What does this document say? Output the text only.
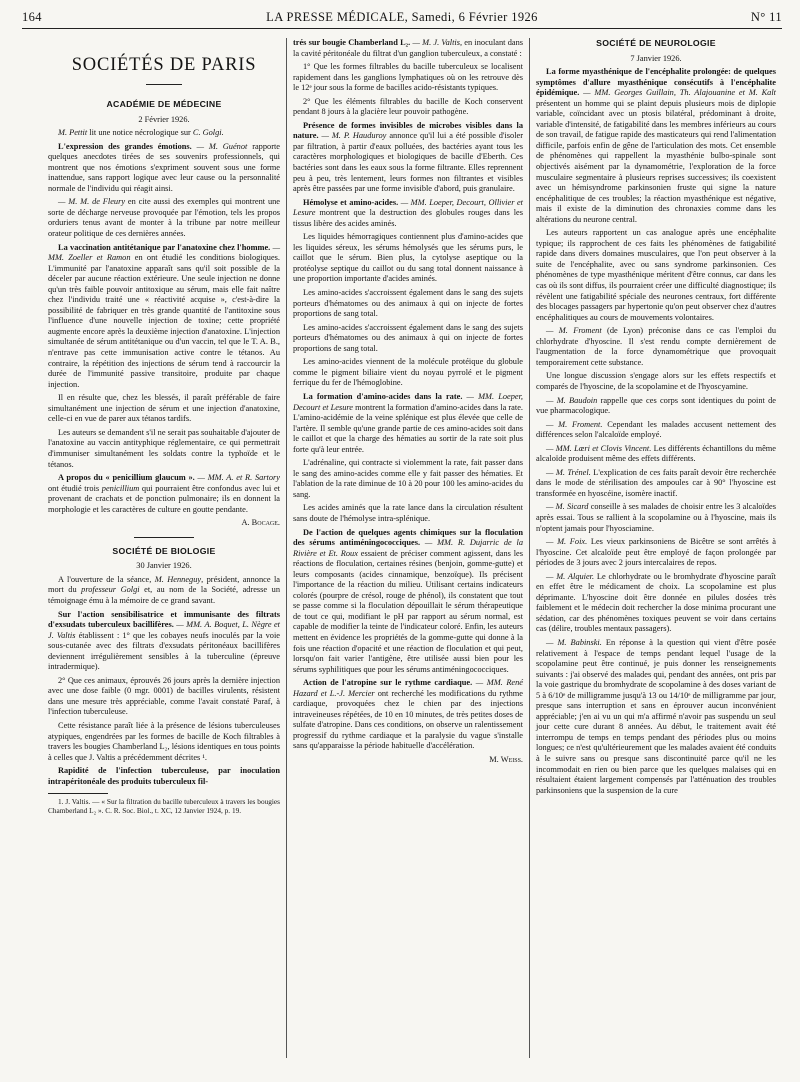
164	LA PRESSE MÉDICALE, Samedi, 6 Février 1926	N° 11
SOCIÉTÉS DE PARIS
ACADÉMIE DE MÉDECINE

2 Février 1926.

M. Pettit lit une notice nécrologique sur C. Golgi.

L'expression des grandes émotions. — M. Guénot rapporte quelques anecdotes tirées de ses souvenirs professionnels, qui montrent que nos émotions s'expriment souvent sous une forme inattendue, sans rapport logique avec leur cause ou la personnalité normale de l'individu qui réagit ainsi.

— M. M. de Fleury en cite aussi des exemples qui montrent une sorte de décharge nerveuse provoquée par l'émotion, tels les propos orduriers tenus avant de monter à la tribune par notre meilleur orateur politique de ces dernières années.

La vaccination antitétanique par l'anatoxine chez l'homme. — MM. Zoeller et Ramon en ont étudié les conditions biologiques. L'immunité par l'anatoxine apparaît sans qu'il soit possible de la déceler par aucune réaction extérieure. Une seule injection ne donne qu'un très faible pouvoir antitoxique au sérum, mais elle fait naître chez l'individu traité une « réactivité acquise », c'est-à-dire la possibilité de fabriquer en très grande quantité de l'antitoxine sous l'influence d'une nouvelle injection de toxine; cette propriété augmente encore après la deuxième injection d'anatoxine. L'injection simultanée de sérum antitétanique ou d'un vaccin, tel que le T. A. B., n'entrave pas cette immunisation active contre le tétanos. Au contraire, la répétition des injections de sérum tend à raccourcir la durée de l'immunité passive transitoire, produite par chaque injection.

Il en résulte que, chez les blessés, il paraît préférable de faire simultanément une injection de sérum et une injection d'anatoxine, celle-ci en vue de parer aux tétanos tardifs.

Les auteurs se demandent s'il ne serait pas souhaitable d'ajouter de l'anatoxine au vaccin antityphique réglementaire, ce qui permettrait d'immuniser simultanément les soldats contre la typhoïde et le tétanos.

A propos du « penicillium glaucum ». — MM. A. et R. Sartory ont étudié trois penicillium qui pourraient être confondus avec lui et provenant de crachats et de ponction pulmonaire; ils en donnent la morphologie et les caractères de culture en goutte pendante.

A. Bocage.

SOCIÉTÉ DE BIOLOGIE

30 Janvier 1926.

A l'ouverture de la séance, M. Henneguy, président, annonce la mort du professeur Golgi et, au nom de la Société, adresse un témoignage ému à la mémoire de ce grand savant.

Sur l'action sensibilisatrice et immunisante des filtrats d'exsudats tuberculeux bacillifères. — MM. A. Boquet, L. Nègre et J. Valtis établissent : 1° que les cobayes neufs inoculés par la voie sous-cutanée avec des filtrats d'exsudats péritonéaux bacillifères deviennent irrégulièrement sensibles à la tuberculine (épreuve intradermique).

2° Que ces animaux, éprouvés 26 jours après la dernière injection avec une dose faible (0 mgr. 0001) de bacilles virulents, résistent dans une mesure très appréciable, comme l'avait constaté Paraf, à l'infection tuberculeuse.

Cette résistance paraît liée à la présence de lésions tuberculeuses atypiques, engendrées par les formes de bacille de Koch filtrables à travers les bougies Chamberland L₂, lésions identiques en tous points à celles que J. Valtis a précédemment décrites ¹.

Rapidité de l'infection tuberculeuse, par inoculation intrapéritonéale des produits tuberculeux fil-

1. J. Valtis. — « Sur la filtration du bacille tuberculeux à travers les bougies Chamberland L₂ ». C. R. Soc. Biol., t. XC, 12 Janvier 1924, p. 19.

trés sur bougie Chamberland L₂. — M. J. Valtis, en inoculant dans la cavité péritonéale du filtrat d'un ganglion tuberculeux, a constaté :

1° Que les formes filtrables du bacille tuberculeux se localisent rapidement dans les ganglions lymphatiques où on les retrouve dès le 12ᵉ jour sous la forme de bacilles acido-résistants typiques.

2° Que les éléments filtrables du bacille de Koch conservent pendant 8 jours à la glacière leur pouvoir pathogène.

Présence de formes invisibles de microbes visibles dans la nature. — M. P. Hauduroy annonce qu'il lui a été possible d'isoler par filtration, à partir d'eaux polluées, des bactéries ayant tous les caractères morphologiques et biologiques de bacille d'Eberth. Ces bactéries sont dans les eaux sous la forme filtrante. Elles reprennent peu à peu, très lentement, leurs formes non filtrantes et visibles après être passées par une forme invisible d'abord, puis granulaire.

Hémolyse et amino-acides. — MM. Loeper, Decourt, Ollivier et Lesure montrent que la destruction des globules rouges dans les tissus libère des acides aminés.

Les liquides hémorragiques contiennent plus d'amino-acides que les liquides séreux, les sérums hémolysés que les sérums purs, le caillot que le sérum. Bien plus, la cytolyse aseptique ou la protéolyse septique du caillot ou du sang total donnent naissance à une proportion importante d'acides aminés.

Les amino-acides s'accroissent également dans le sang des sujets porteurs d'hématomes ou des animaux à qui on injecte de fortes proportions de sang total.

Les amino-acides s'accroissent également dans le sang des sujets porteurs d'hématomes ou des animaux à qui on injecte de fortes proportions de sang total.

Les amino-acides viennent de la molécule protéique du globule comme le pigment biliaire vient du noyau pyrrolé et le pigment ferrique du fer de l'hémoglobine.

La formation d'amino-acides dans la rate. — MM. Loeper, Decourt et Lesure montrent la formation d'amino-acides dans la rate. L'amino-acidémie de la veine splénique est plus élevée que celle de l'artère. Il semble qu'une grande partie de ces amino-acides soit dans le caillot et que la charge des hématies au sortir de la rate soit plus forte qu'à leur entrée.

L'adrénaline, qui contracte si violemment la rate, fait passer dans le sang des amino-acides comme elle y fait passer des hématies. Et l'ablation de la rate diminue de 10 à 20 pour 100 les amino-acides du sang.

Les acides aminés que la rate lance dans la circulation résultent sans doute de l'hémolyse intra-splénique.

De l'action de quelques agents chimiques sur la floculation des sérums antiméningococciques. — MM. R. Dujarric de la Rivière et Et. Roux essaient de préciser comment agissent, dans les réactions de floculation, certaines résines (benjoin, gomme-gutte) et leurs composants (acides cinnamique, benzoïque). Ils précisent l'importance de la réaction du milieu. Utilisant certains indicateurs colorés (pourpre de crésol, rouge de phénol), ils constatent que tout se passe comme si la floculation dépouillait le sérum thérapeutique de tout ce qui, modifiant le pH par rapport au sérum normal, est capable de modifier la teinte de l'indicateur coloré. Enfin, les auteurs mettent en évidence les propriétés de la gomme-gutte qui donne à la fois une réaction d'opacité et une réaction de floculation et qui peut, lorsqu'on fait varier l'antigène, être utilisée aussi bien pour les sérums syphilitiques que pour les sérums antiméningococciques.

Action de l'atropine sur le rythme cardiaque. — MM. René Hazard et L.-J. Mercier ont recherché les modifications du rythme cardiaque, provoquées chez le chien par des injections intraveineuses répétées, de 10 en 10 minutes, de très petites doses de sulfate d'atropine. Dans ces conditions, on observe un ralentissement progressif du rythme cardiaque et la paralysie du vague s'installe sans qu'apparaisse la période habituelle d'accélération.

M. Weiss.

SOCIÉTÉ DE NEUROLOGIE

7 Janvier 1926.

La forme myasthénique de l'encéphalite prolongée: de quelques symptômes d'allure myasthénique consécutifs à l'encéphalite épidémique. — MM. Georges Guillain, Th. Alajouanine et M. Kalt présentent un homme qui se plaint depuis plusieurs mois de diplopie variable, coïncidant avec un ptosis bilatéral, prédominant à droite, variable d'intensité, de fatigabilité dans les membres inférieurs au cours de son travail, de fatigue rapide des masticateurs qui rend l'alimentation difficile, parfois enfin de gêne de l'articulation des mots. Cet ensemble de phénomènes qui rappellent la myasthénie bulbo-spinale sont objectivés aisément par la dynamométrie, l'exploration de la force musculaire segmentaire à plusieurs reprises successives; ils coexistent avec un hémisyndrome parkinsonien fruste qui signe la nature encéphalitique de ces troubles; la réaction myasthénique est négative, mais il existe de la diminution des chronaxies comme dans les altérations du neurone central.

Les auteurs rapportent un cas analogue après une encéphalite typique; ils rapprochent de ces faits les phénomènes de fatigabilité rapide dans divers domaines musculaires, que l'on peut observer à la suite de l'encéphalite, avec ou sans syndrome parkinsonien. Ces phénomènes de type myasthénique méritent d'être connus, car dans les cas où ils sont diffus, ils pourraient créer une difficulté diagnostique; ils révèlent une fatigabilité spéciale des neurones centraux, fort différente des blocages passagers par hypertonie qu'on peut observer chez d'autres encéphalitiques au cours de mouvements volontaires.

— M. Froment (de Lyon) préconise dans ce cas l'emploi du chlorhydrate d'hyoscine. Il s'est rendu compte dernièrement de l'augmentation de la force dynamométrique que provoquait temporairement cette substance.

Une longue discussion s'engage alors sur les effets respectifs et comparés de l'hyoscine, de la scopolamine et de l'hyoscyamine.

— M. Baudoin rappelle que ces corps sont identiques du point de vue pharmacologique.

— M. Froment. Cependant les malades accusent nettement des différences selon l'alcaloïde employé.

— MM. Lœri et Clovis Vincent. Les différents échantillons du même alcaloïde produisent même des effets différents.

— M. Trénel. L'explication de ces faits paraît devoir être recherchée dans le mode de stérilisation des ampoules car à 90° l'hyoscine est transformée en hyoscéine, isomère inactif.

— M. Sicard conseille à ses malades de choisir entre les 3 alcaloïdes après essai. Tous se rallient à la scopolamine ou à l'hyoscine, mais ils n'optent jamais pour l'hyosciamine.

— M. Foix. Les vieux parkinsoniens de Bicêtre se sont arrêtés à l'hyoscine. Cet alcaloïde peut être employé de façon prolongée par périodes de 3 jours avec 2 jours intercalaires de repos.

— M. Alquier. Le chlorhydrate ou le bromhydrate d'hyoscine paraît en effet être le médicament de choix. La scopolamine est plus déprimante. L'hyoscine doit être donnée en pilules dosées très faiblement et le médecin doit rechercher la dose minima procurant une sédation, car des phénomènes toxiques peuvent se voir dans certains cas (délire, troubles mentaux passagers).

— M. Babinski. En réponse à la question qui vient d'être posée relativement à l'espace de temps pendant lequel l'usage de la scopolamine peut être continué, je puis donner les renseignements suivants : j'ai observé des malades qui, pendant des années, ont pris par la voie gastrique du bromhydrate de scopolamine à des doses variant de 5 à 6/10ᵉ de milligramme jusqu'à 13 ou 14/10ᵉ de milligramme par jour, presque sans interruption et sans en éprouver aucun inconvénient appréciable; j'en ai vu un qui m'a affirmé n'avoir pas suspendu un seul jour cette cure durant 8 années. Au début, le traitement avait été interrompu de temps en temps pendant des périodes plus ou moins longues; ce n'est qu'ultérieurement que les malades avaient été conduits à le suivre sans ou presque sans discontinuité parce qu'il ne les incommodait en rien ou bien parce que les quelques malaises qui en résultaient étaient largement compensés par l'atténuation des troubles parkinsoniens que la suspension de la cure
